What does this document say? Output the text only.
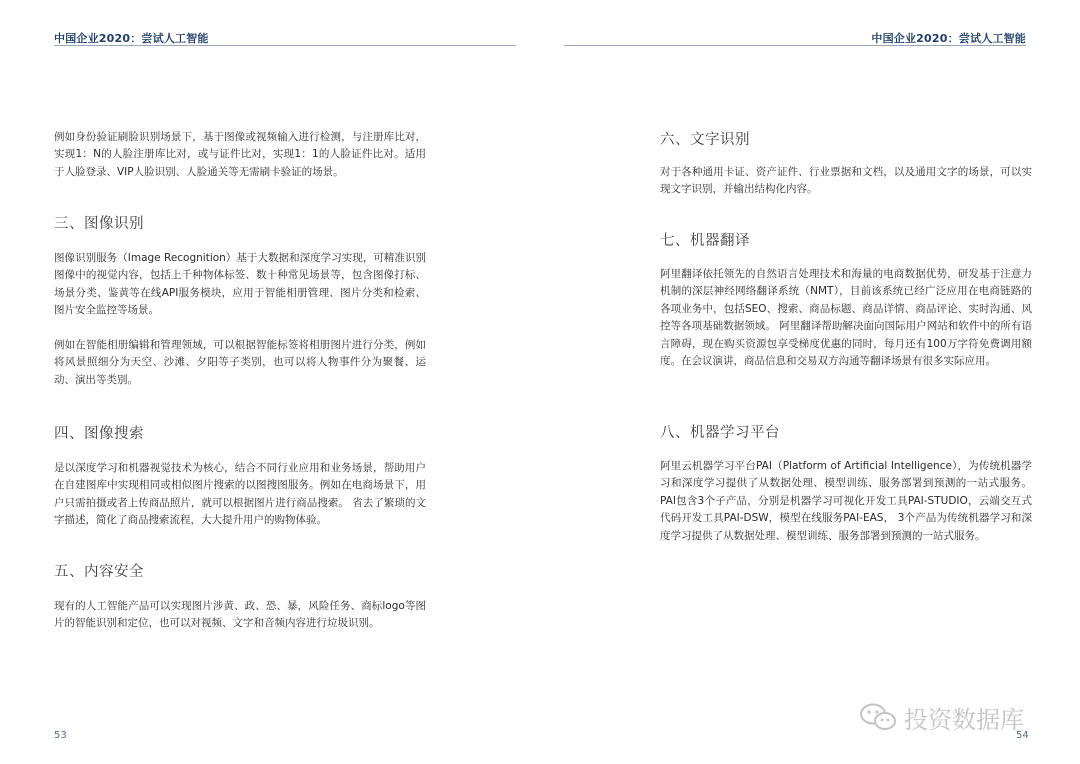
中国企业2020：尝试人工智能	中国企业2020：尝试人工智能

例如身份验证刷脸识别场景下，基于图像或视频输入进行检测，与注册库比对，实现1：N的人脸注册库比对，或与证件比对，实现1：1的人脸证件比对。适用于人脸登录、VIP人脸识别、人脸通关等无需刷卡验证的场景。

三、图像识别

图像识别服务（Image Recognition）基于大数据和深度学习实现，可精准识别图像中的视觉内容，包括上千种物体标签、数十种常见场景等，包含图像打标、场景分类、鉴黄等在线API服务模块，应用于智能相册管理、图片分类和检索、图片安全监控等场景。

例如在智能相册编辑和管理领域，可以根据智能标签将相册图片进行分类，例如将风景照细分为天空、沙滩、夕阳等子类别，也可以将人物事件分为聚餐、运动、演出等类别。

四、图像搜索

是以深度学习和机器视觉技术为核心，结合不同行业应用和业务场景，帮助用户在自建图库中实现相同或相似图片搜索的以图搜图服务。例如在电商场景下，用户只需拍摄或者上传商品照片，就可以根据图片进行商品搜索。 省去了繁琐的文字描述，简化了商品搜索流程，大大提升用户的购物体验。

五、内容安全

现有的人工智能产品可以实现图片涉黄、政、恐、暴，风险任务、商标logo等图片的智能识别和定位，也可以对视频、文字和音频内容进行垃圾识别。

53
六、文字识别

对于各种通用卡证、资产证件、行业票据和文档，以及通用文字的场景，可以实现文字识别，并输出结构化内容。

七、机器翻译

阿里翻译依托领先的自然语言处理技术和海量的电商数据优势，研发基于注意力机制的深层神经网络翻译系统（NMT），目前该系统已经广泛应用在电商链路的各项业务中，包括SEO、搜索、商品标题、商品详情、商品评论、实时沟通、风控等各项基础数据领域。 阿里翻译帮助解决面向国际用户网站和软件中的所有语言障碍，现在购买资源包享受梯度优惠的同时，每月还有100万字符免费调用额度。在会议演讲，商品信息和交易双方沟通等翻译场景有很多实际应用。

八、机器学习平台

阿里云机器学习平台PAI（Platform of Artificial Intelligence），为传统机器学习和深度学习提供了从数据处理、模型训练、服务部署到预测的一站式服务。PAI包含3个子产品，分别是机器学习可视化开发工具PAI-STUDIO，云端交互式代码开发工具PAI-DSW，模型在线服务PAI-EAS， 3个产品为传统机器学习和深度学习提供了从数据处理、模型训练、服务部署到预测的一站式服务。

54
投资数据库
